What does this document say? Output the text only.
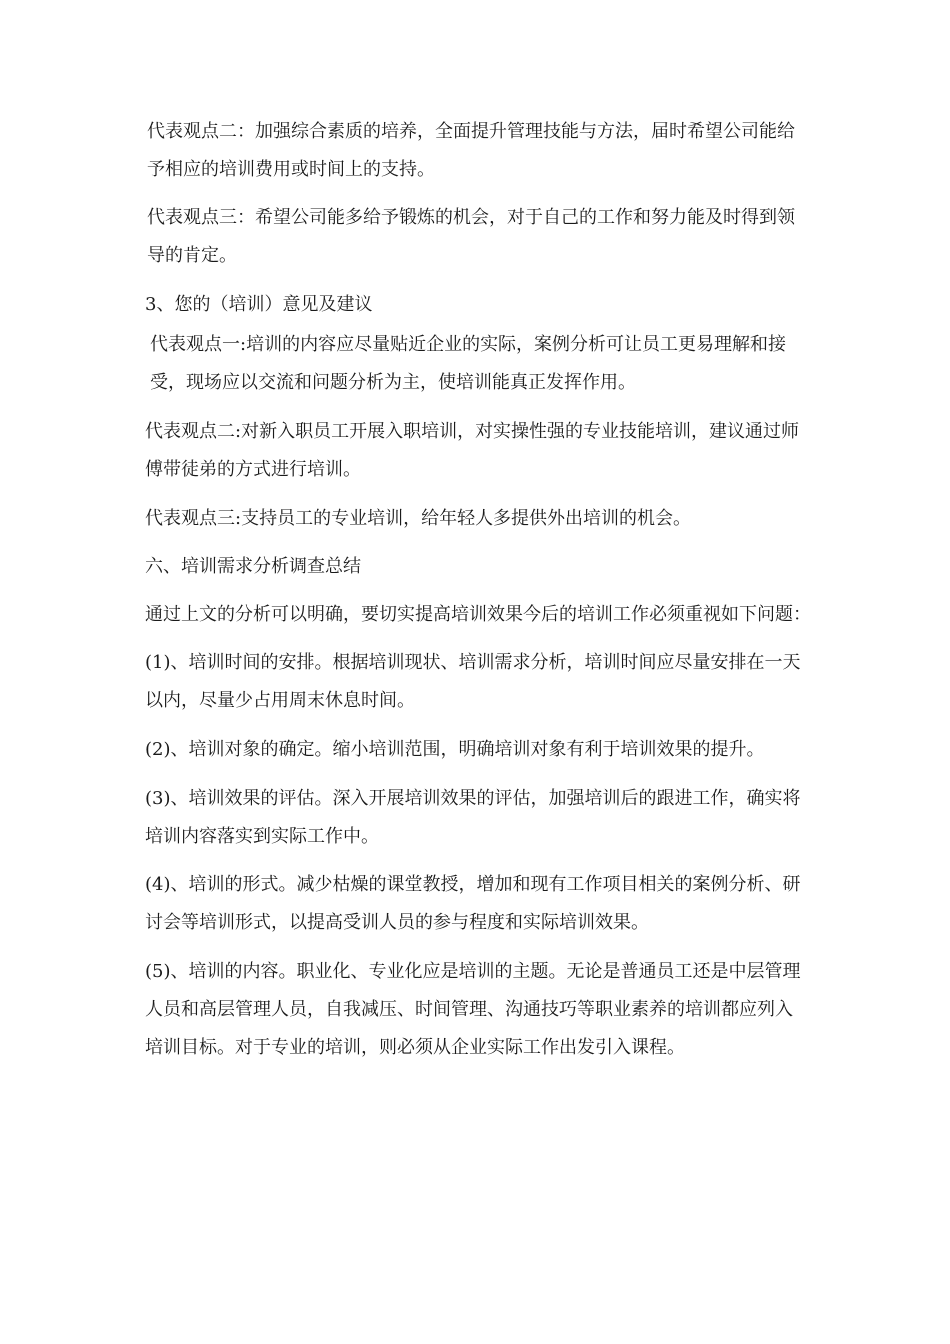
代表观点二：加强综合素质的培养，全面提升管理技能与方法，届时希望公司能给
予相应的培训费用或时间上的支持。

代表观点三：希望公司能多给予锻炼的机会，对于自己的工作和努力能及时得到领
导的肯定。

3、您的（培训）意见及建议

代表观点一:培训的内容应尽量贴近企业的实际，案例分析可让员工更易理解和接
受，现场应以交流和问题分析为主，使培训能真正发挥作用。

代表观点二:对新入职员工开展入职培训，对实操性强的专业技能培训，建议通过师
傅带徒弟的方式进行培训。

代表观点三:支持员工的专业培训，给年轻人多提供外出培训的机会。

六、培训需求分析调查总结

通过上文的分析可以明确，要切实提高培训效果今后的培训工作必须重视如下问题：

(1)、培训时间的安排。根据培训现状、培训需求分析，培训时间应尽量安排在一天
以内，尽量少占用周末休息时间。

(2)、培训对象的确定。缩小培训范围，明确培训对象有利于培训效果的提升。

(3)、培训效果的评估。深入开展培训效果的评估，加强培训后的跟进工作，确实将
培训内容落实到实际工作中。

(4)、培训的形式。减少枯燥的课堂教授，增加和现有工作项目相关的案例分析、研
讨会等培训形式，以提高受训人员的参与程度和实际培训效果。

(5)、培训的内容。职业化、专业化应是培训的主题。无论是普通员工还是中层管理
人员和高层管理人员，自我减压、时间管理、沟通技巧等职业素养的培训都应列入
培训目标。对于专业的培训，则必须从企业实际工作出发引入课程。
